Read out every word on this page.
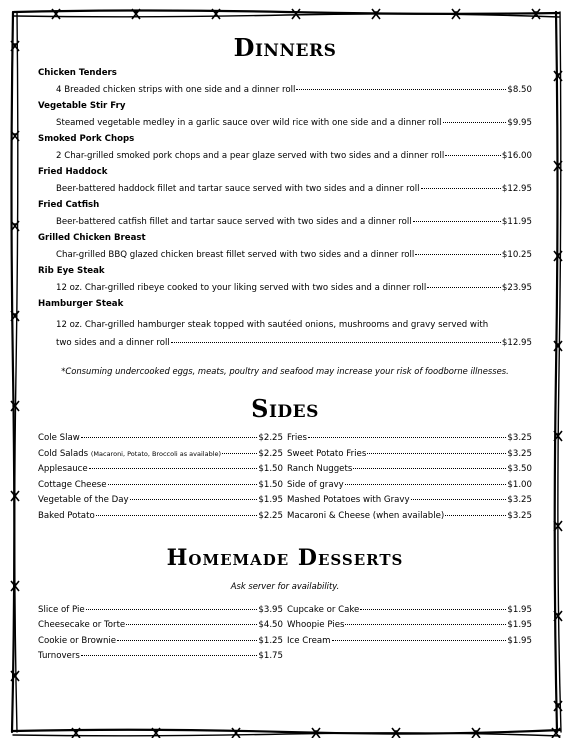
Dinners
Chicken Tenders
4 Breaded chicken strips with one side and a dinner roll	$8.50
Vegetable Stir Fry
Steamed vegetable medley in a garlic sauce over wild rice with one side and a dinner roll	$9.95
Smoked Pork Chops
2 Char-grilled smoked pork chops and a pear glaze served with two sides and a dinner roll	$16.00
Fried Haddock
Beer-battered haddock fillet and tartar sauce served with two sides and a dinner roll	$12.95
Fried Catfish
Beer-battered catfish fillet and tartar sauce served with two sides and a dinner roll	$11.95
Grilled Chicken Breast
Char-grilled BBQ glazed chicken breast fillet served with two sides and a dinner roll	$10.25
Rib Eye Steak
12 oz. Char-grilled ribeye cooked to your liking served with two sides and a dinner roll	$23.95
Hamburger Steak
12 oz. Char-grilled hamburger steak topped with sautéed onions, mushrooms and gravy served with
two sides and a dinner roll	$12.95
*Consuming undercooked eggs, meats, poultry and seafood may increase your risk of foodborne illnesses.
Sides
Cole Slaw	$2.25
Cold Salads
(Macaroni, Potato, Broccoli as available)	$2.25
Applesauce	$1.50
Cottage Cheese	$1.50
Vegetable of the Day	$1.95
Baked Potato	$2.25
Fries	$3.25
Sweet Potato Fries	$3.25
Ranch Nuggets	$3.50
Side of gravy	$1.00
Mashed Potatoes with Gravy	$3.25
Macaroni & Cheese (when available)	$3.25
Homemade Desserts
Ask server for availability.
Slice of Pie	$3.95
Cheesecake or Torte	$4.50
Cookie or Brownie	$1.25
Turnovers	$1.75
Cupcake or Cake	$1.95
Whoopie Pies	$1.95
Ice Cream	$1.95
